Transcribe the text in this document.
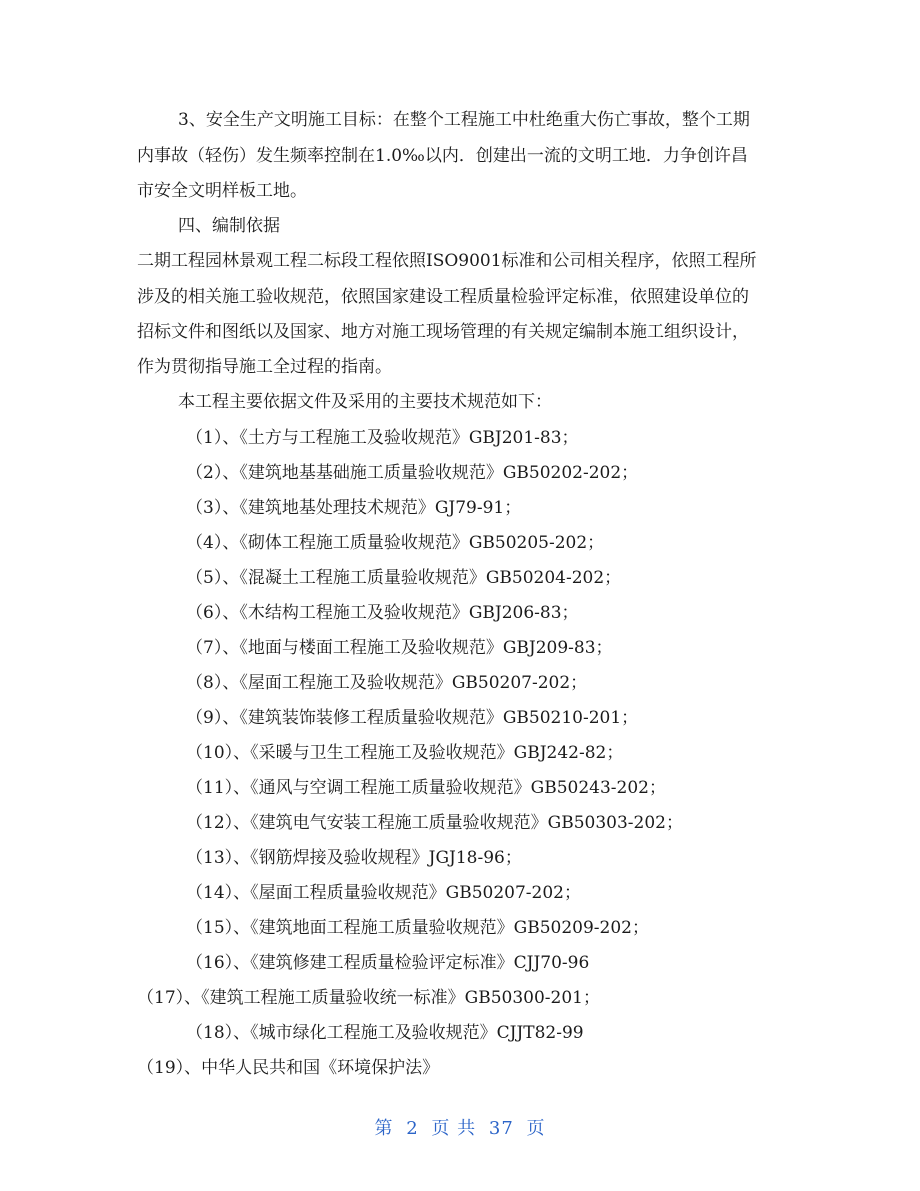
3、安全生产文明施工目标：在整个工程施工中杜绝重大伤亡事故，整个工期
内事故（轻伤）发生频率控制在1.0‰以内．创建出一流的文明工地．力争创许昌
市安全文明样板工地。
四、编制依据
二期工程园林景观工程二标段工程依照ISO9001标准和公司相关程序，依照工程所
涉及的相关施工验收规范，依照国家建设工程质量检验评定标准，依照建设单位的
招标文件和图纸以及国家、地方对施工现场管理的有关规定编制本施工组织设计，
作为贯彻指导施工全过程的指南。
本工程主要依据文件及采用的主要技术规范如下：
（1）、《土方与工程施工及验收规范》GBJ201-83；
（2）、《建筑地基基础施工质量验收规范》GB50202-202；
（3）、《建筑地基处理技术规范》GJ79-91；
（4）、《砌体工程施工质量验收规范》GB50205-202；
（5）、《混凝土工程施工质量验收规范》GB50204-202；
（6）、《木结构工程施工及验收规范》GBJ206-83；
（7）、《地面与楼面工程施工及验收规范》GBJ209-83；
（8）、《屋面工程施工及验收规范》GB50207-202；
（9）、《建筑装饰装修工程质量验收规范》GB50210-201；
（10）、《采暖与卫生工程施工及验收规范》GBJ242-82；
（11）、《通风与空调工程施工质量验收规范》GB50243-202；
（12）、《建筑电气安装工程施工质量验收规范》GB50303-202；
（13）、《钢筋焊接及验收规程》JGJ18-96；
（14）、《屋面工程质量验收规范》GB50207-202；
（15）、《建筑地面工程施工质量验收规范》GB50209-202；
（16）、《建筑修建工程质量检验评定标准》CJJ70-96
（17）、《建筑工程施工质量验收统一标准》GB50300-201；
（18）、《城市绿化工程施工及验收规范》CJJT82-99
（19）、中华人民共和国《环境保护法》
第 2 页 共 37 页
